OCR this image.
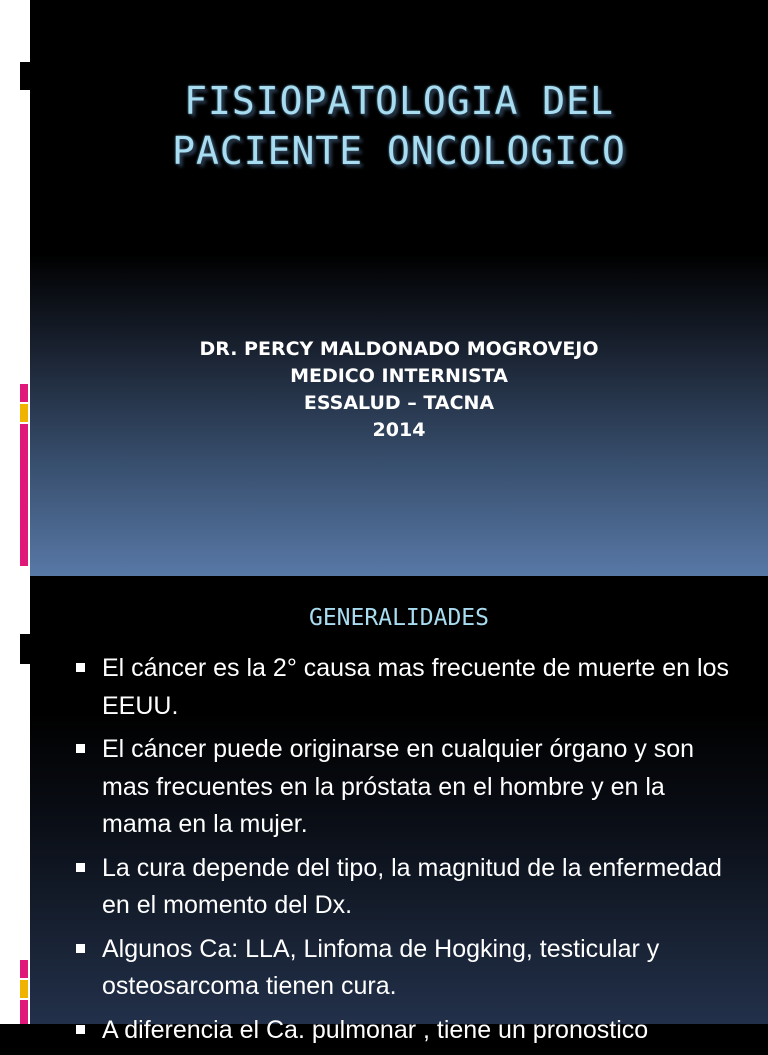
FISIOPATOLOGIA DEL
PACIENTE ONCOLOGICO
DR. PERCY MALDONADO MOGROVEJO
MEDICO INTERNISTA
ESSALUD – TACNA
2014
GENERALIDADES
El cáncer es la 2° causa mas frecuente de muerte en los EEUU.
El cáncer puede originarse en cualquier órgano y son mas frecuentes en la próstata en el hombre y en la mama en la mujer.
La cura depende del tipo, la magnitud de la enfermedad en el momento del Dx.
Algunos Ca: LLA, Linfoma de Hogking, testicular y osteosarcoma tienen cura.
A diferencia el Ca. pulmonar , tiene un pronostico
